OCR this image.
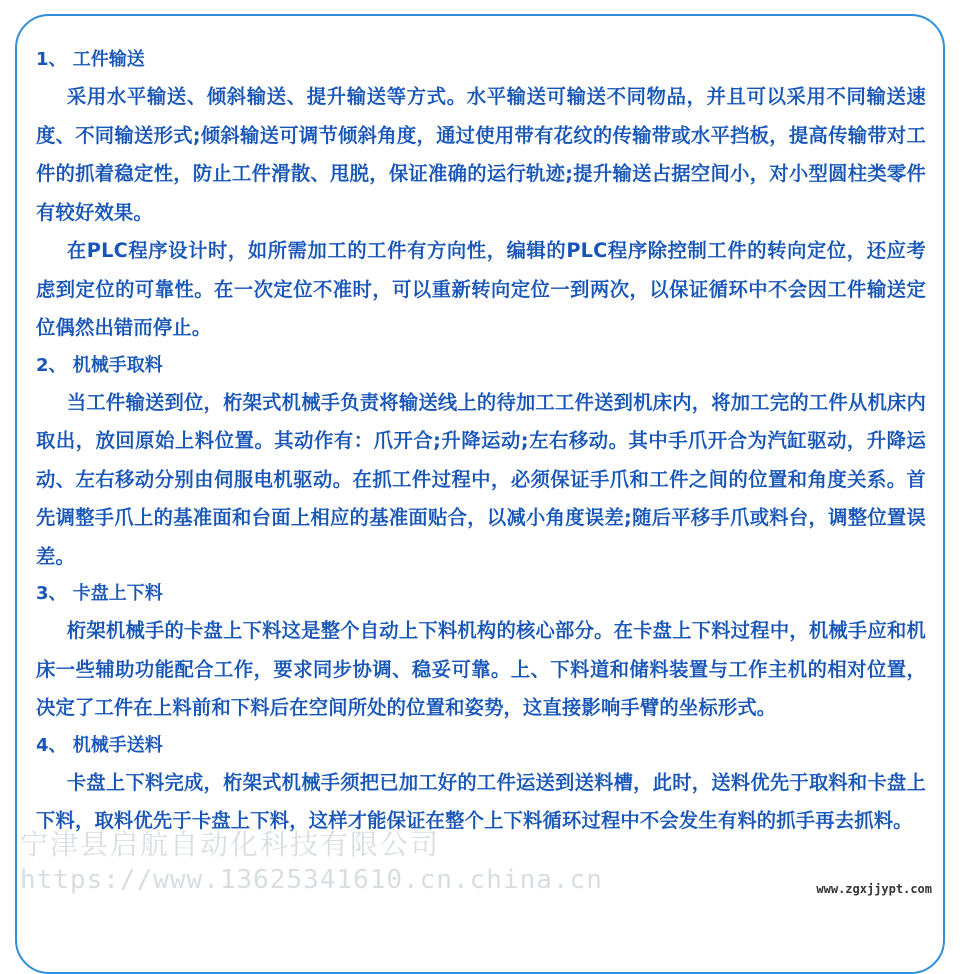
1、 工件输送

采用水平输送、倾斜输送、提升输送等方式。水平输送可输送不同物品，并且可以采用不同输送速度、不同输送形式;倾斜输送可调节倾斜角度，通过使用带有花纹的传输带或水平挡板，提高传输带对工件的抓着稳定性，防止工件滑散、甩脱，保证准确的运行轨迹;提升输送占据空间小，对小型圆柱类零件有较好效果。

在PLC程序设计时，如所需加工的工件有方向性，编辑的PLC程序除控制工件的转向定位，还应考虑到定位的可靠性。在一次定位不准时，可以重新转向定位一到两次，以保证循环中不会因工件输送定位偶然出错而停止。

2、 机械手取料

当工件输送到位，桁架式机械手负责将输送线上的待加工工件送到机床内，将加工完的工件从机床内取出，放回原始上料位置。其动作有：爪开合;升降运动;左右移动。其中手爪开合为汽缸驱动，升降运动、左右移动分别由伺服电机驱动。在抓工件过程中，必须保证手爪和工件之间的位置和角度关系。首先调整手爪上的基准面和台面上相应的基准面贴合，以减小角度误差;随后平移手爪或料台，调整位置误差。

3、 卡盘上下料

桁架机械手的卡盘上下料这是整个自动上下料机构的核心部分。在卡盘上下料过程中，机械手应和机床一些辅助功能配合工作，要求同步协调、稳妥可靠。上、下料道和储料装置与工作主机的相对位置，决定了工件在上料前和下料后在空间所处的位置和姿势，这直接影响手臂的坐标形式。

4、 机械手送料

卡盘上下料完成，桁架式机械手须把已加工好的工件运送到送料槽，此时，送料优先于取料和卡盘上下料，取料优先于卡盘上下料，这样才能保证在整个上下料循环过程中不会发生有料的抓手再去抓料。

宁津县启航自动化科技有限公司
https://www.13625341610.cn.china.cn	www.zgxjjypt.com
